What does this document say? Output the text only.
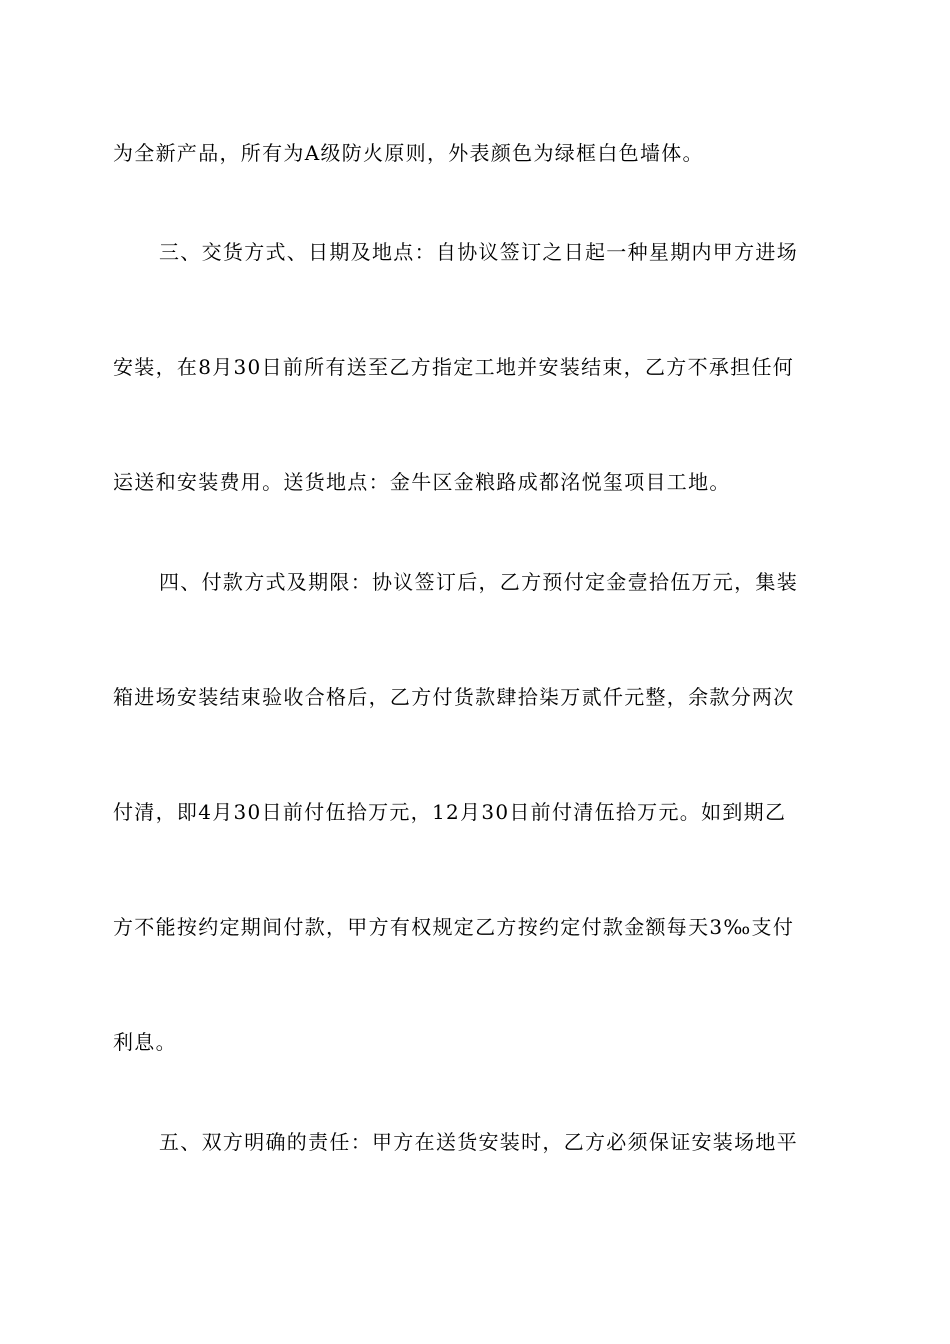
为全新产品，所有为A级防火原则，外表颜色为绿框白色墙体。

三、交货方式、日期及地点：自协议签订之日起一种星期内甲方进场

安装，在8月30日前所有送至乙方指定工地并安装结束，乙方不承担任何

运送和安装费用。送货地点：金牛区金粮路成都洺悦玺项目工地。

四、付款方式及期限：协议签订后，乙方预付定金壹拾伍万元，集装

箱进场安装结束验收合格后，乙方付货款肆拾柒万贰仟元整，余款分两次

付清，即4月30日前付伍拾万元，12月30日前付清伍拾万元。如到期乙

方不能按约定期间付款，甲方有权规定乙方按约定付款金额每天3‰支付

利息。

五、双方明确的责任：甲方在送货安装时，乙方必须保证安装场地平
